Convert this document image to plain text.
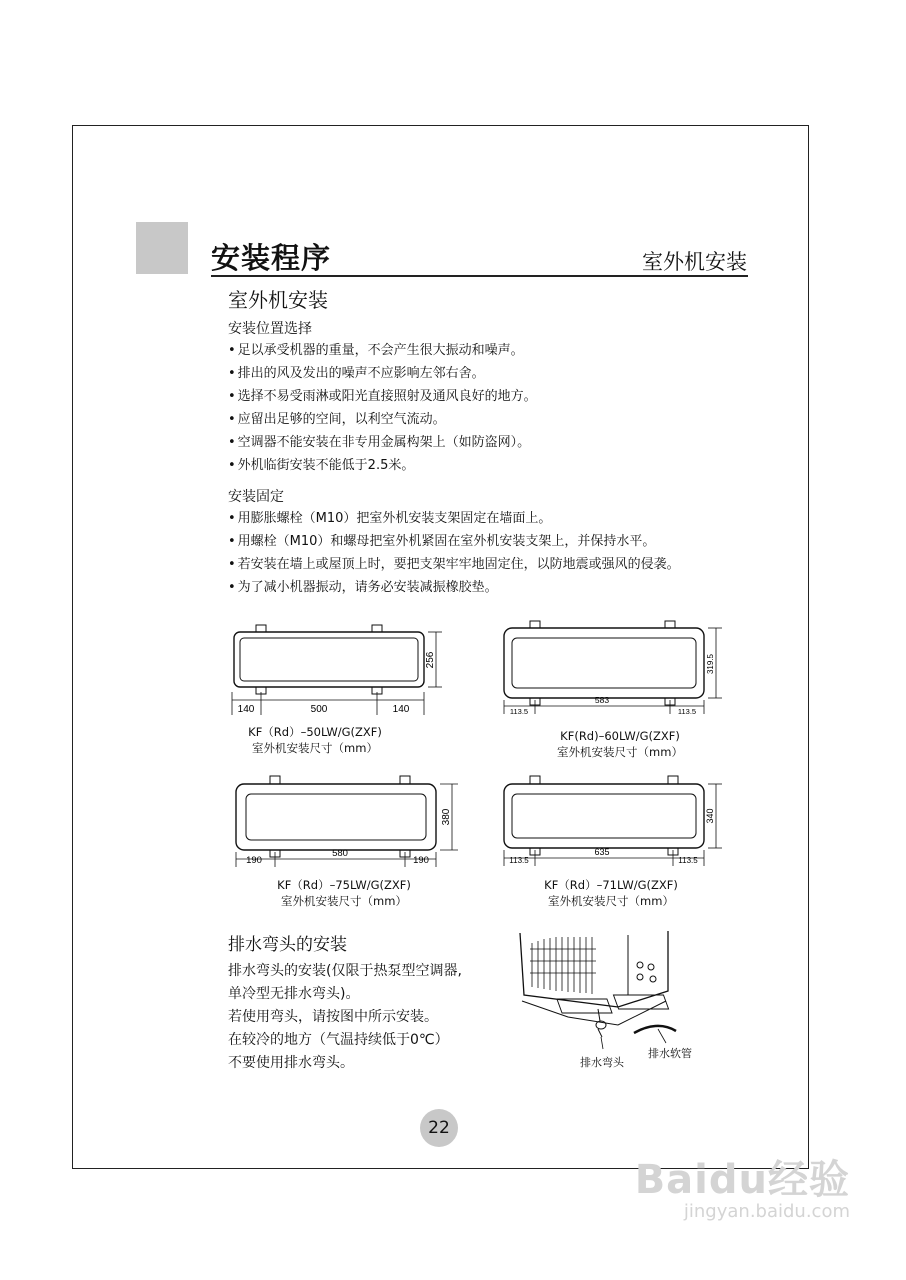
安装程序	室外机安装
室外机安装
安装位置选择
• 足以承受机器的重量，不会产生很大振动和噪声。
• 排出的风及发出的噪声不应影响左邻右舍。
• 选择不易受雨淋或阳光直接照射及通风良好的地方。
• 应留出足够的空间，以利空气流动。
• 空调器不能安装在非专用金属构架上（如防盗网）。
• 外机临街安装不能低于2.5米。
安装固定
• 用膨胀螺栓（M10）把室外机安装支架固定在墙面上。
• 用螺栓（M10）和螺母把室外机紧固在室外机安装支架上，并保持水平。
• 若安装在墙上或屋顶上时，要把支架牢牢地固定住，以防地震或强风的侵袭。
• 为了减小机器振动，请务必安装减振橡胶垫。
140	500	140
256
KF（Rd）–50LW/G(ZXF)
室外机安装尺寸（mm）
113.5
583
113.5
319.5
KF(Rd)–60LW/G(ZXF)
室外机安装尺寸（mm）
190
580
190
380
KF（Rd）–75LW/G(ZXF)
室外机安装尺寸（mm）
113.5
635
113.5
340
KF（Rd）–71LW/G(ZXF)
室外机安装尺寸（mm）
排水弯头的安装
排水弯头的安装(仅限于热泵型空调器,
单冷型无排水弯头)。
若使用弯头，请按图中所示安装。
在较冷的地方（气温持续低于0℃）
不要使用排水弯头。	排水弯头
排水软管
22
Baidu经验
jingyan.baidu.com
